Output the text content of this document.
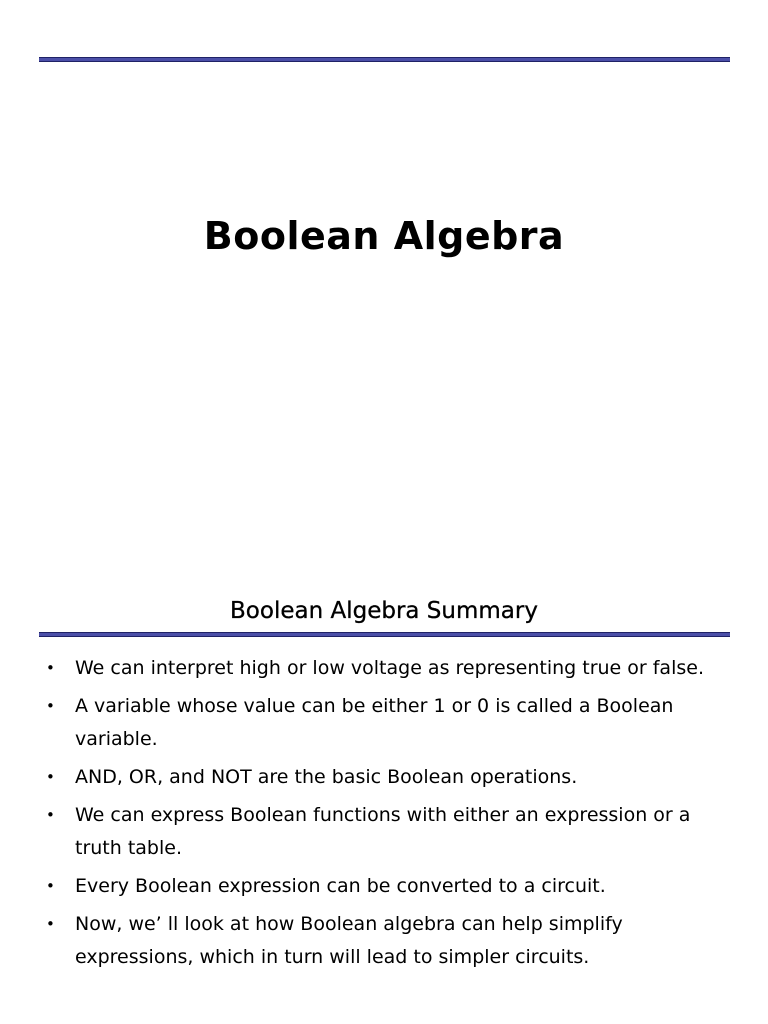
Boolean Algebra
Boolean Algebra Summary
• We can interpret high or low voltage as representing true or false.
• A variable whose value can be either 1 or 0 is called a Boolean variable.
• AND, OR, and NOT are the basic Boolean operations.
• We can express Boolean functions with either an expression or a truth table.
• Every Boolean expression can be converted to a circuit.
• Now, we’ ll look at how Boolean algebra can help simplify expressions, which in turn will lead to simpler circuits.
